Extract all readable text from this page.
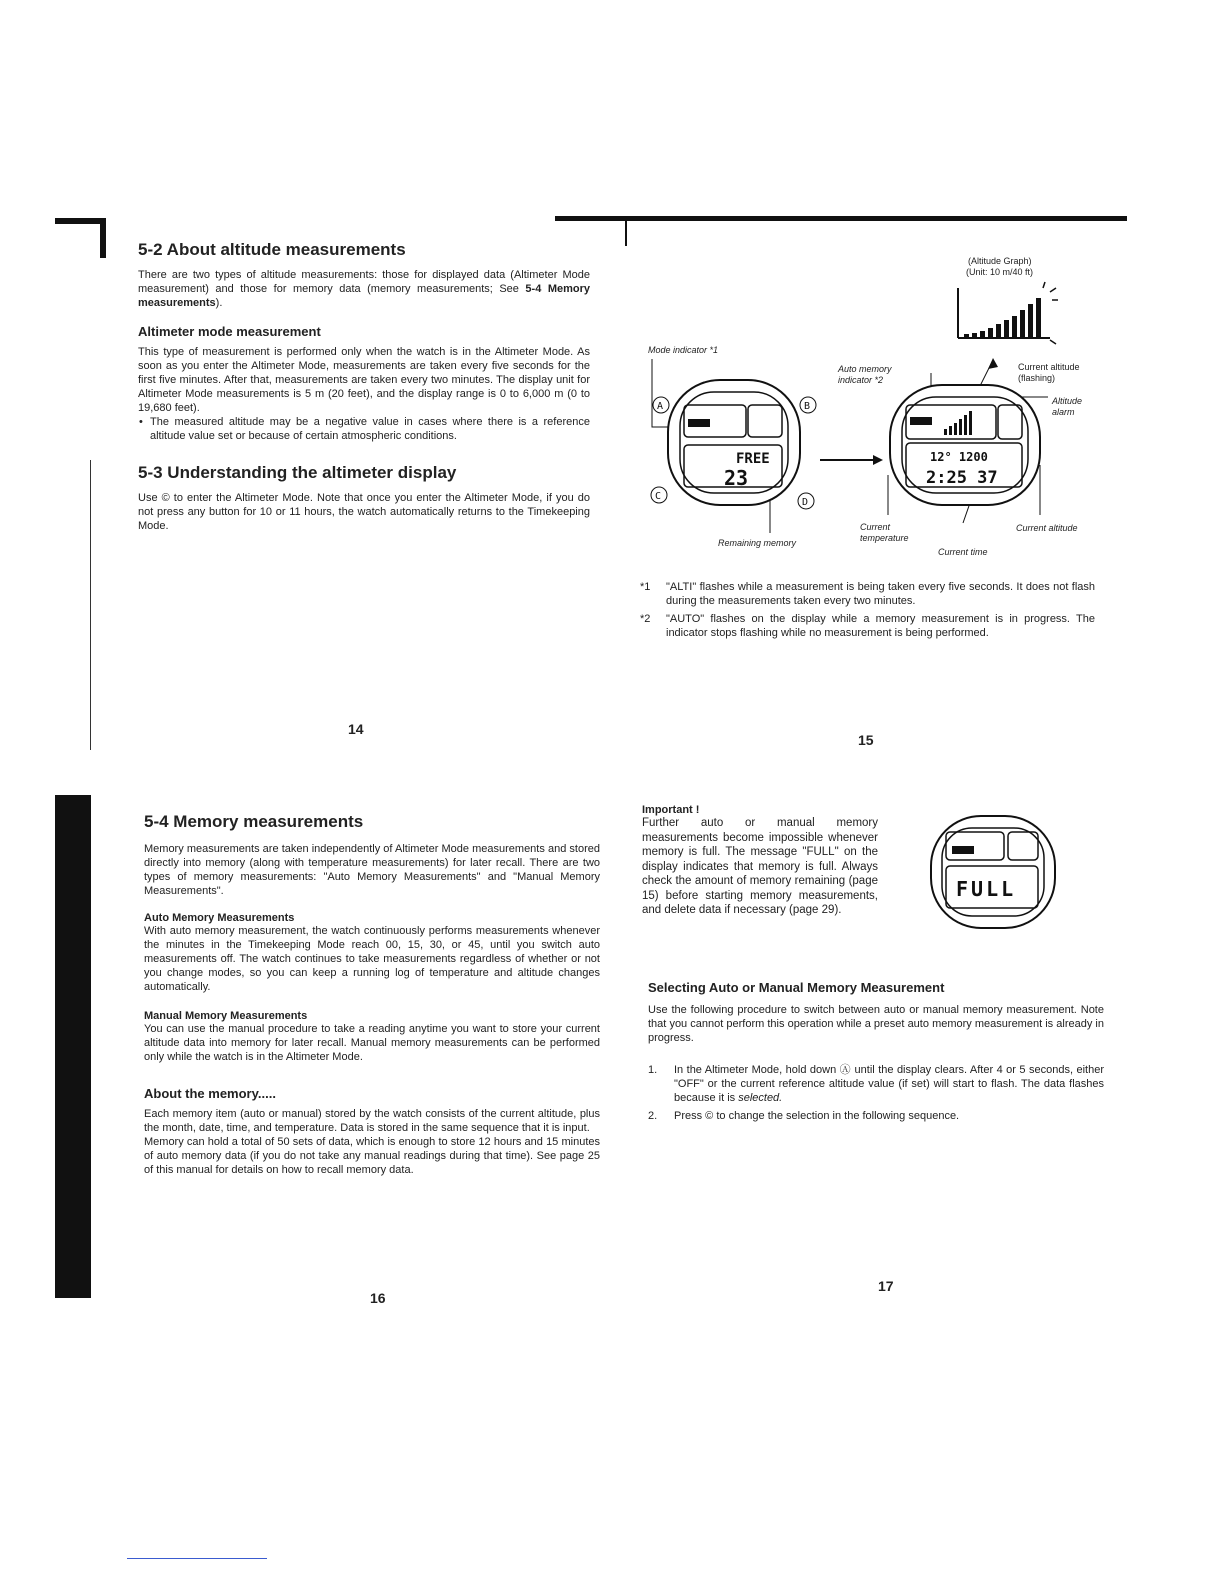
5-2 About altitude measurements
There are two types of altitude measurements: those for displayed data (Altimeter Mode measurement) and those for memory data (memory measurements; See 5-4 Memory measurements).
Altimeter mode measurement
This type of measurement is performed only when the watch is in the Altimeter Mode. As soon as you enter the Altimeter Mode, measurements are taken every five seconds for the first five minutes. After that, measurements are taken every two minutes. The display unit for Altimeter Mode measurements is 5 m (20 feet), and the display range is 0 to 6,000 m (0 to 19,680 feet).
• The measured altitude may be a negative value in cases where there is a reference altitude value set or because of certain atmospheric conditions.
5-3 Understanding the altimeter display
Use © to enter the Altimeter Mode. Note that once you enter the Altimeter Mode, if you do not press any button for 10 or 11 hours, the watch automatically returns to the Timekeeping Mode.
14
(Altitude Graph)
(Unit: 10 m/40 ft)
Mode indicator *1
Auto memory indicator *2
Current altitude (flashing)
Altitude alarm
FREE
23
A	B
C
D
12° 1200
2:25 37
Remaining memory
Current temperature
Current altitude
Current time
*1	"ALTI" flashes while a measurement is being taken every five seconds. It does not flash during the measurements taken every two minutes.
*2	"AUTO" flashes on the display while a memory measurement is in progress. The indicator stops flashing while no measurement is being performed.
15
5-4 Memory measurements
Memory measurements are taken independently of Altimeter Mode measurements and stored directly into memory (along with temperature measurements) for later recall. There are two types of memory measurements: "Auto Memory Measurements" and "Manual Memory Measurements".
Auto Memory Measurements
With auto memory measurement, the watch continuously performs measurements whenever the minutes in the Timekeeping Mode reach 00, 15, 30, or 45, until you switch auto measurements off. The watch continues to take measurements regardless of whether or not you change modes, so you can keep a running log of temperature and altitude changes automatically.
Manual Memory Measurements
You can use the manual procedure to take a reading anytime you want to store your current altitude data into memory for later recall. Manual memory measurements can be performed only while the watch is in the Altimeter Mode.
About the memory.....
Each memory item (auto or manual) stored by the watch consists of the current altitude, plus the month, date, time, and temperature. Data is stored in the same sequence that it is input.
Memory can hold a total of 50 sets of data, which is enough to store 12 hours and 15 minutes of auto memory data (if you do not take any manual readings during that time). See page 25 of this manual for details on how to recall memory data.
16
Important !
Further auto or manual memory measurements become impossible whenever memory is full. The message "FULL" on the display indicates that memory is full. Always check the amount of memory remaining (page 15) before starting memory measurements, and delete data if necessary (page 29).
FULL
Selecting Auto or Manual Memory Measurement
Use the following procedure to switch between auto or manual memory measurement. Note that you cannot perform this operation while a preset auto memory measurement is already in progress.
1.	In the Altimeter Mode, hold down Ⓐ until the display clears. After 4 or 5 seconds, either "OFF" or the current reference altitude value (if set) will start to flash. The data flashes because it is selected.
2.	Press © to change the selection in the following sequence.
17
